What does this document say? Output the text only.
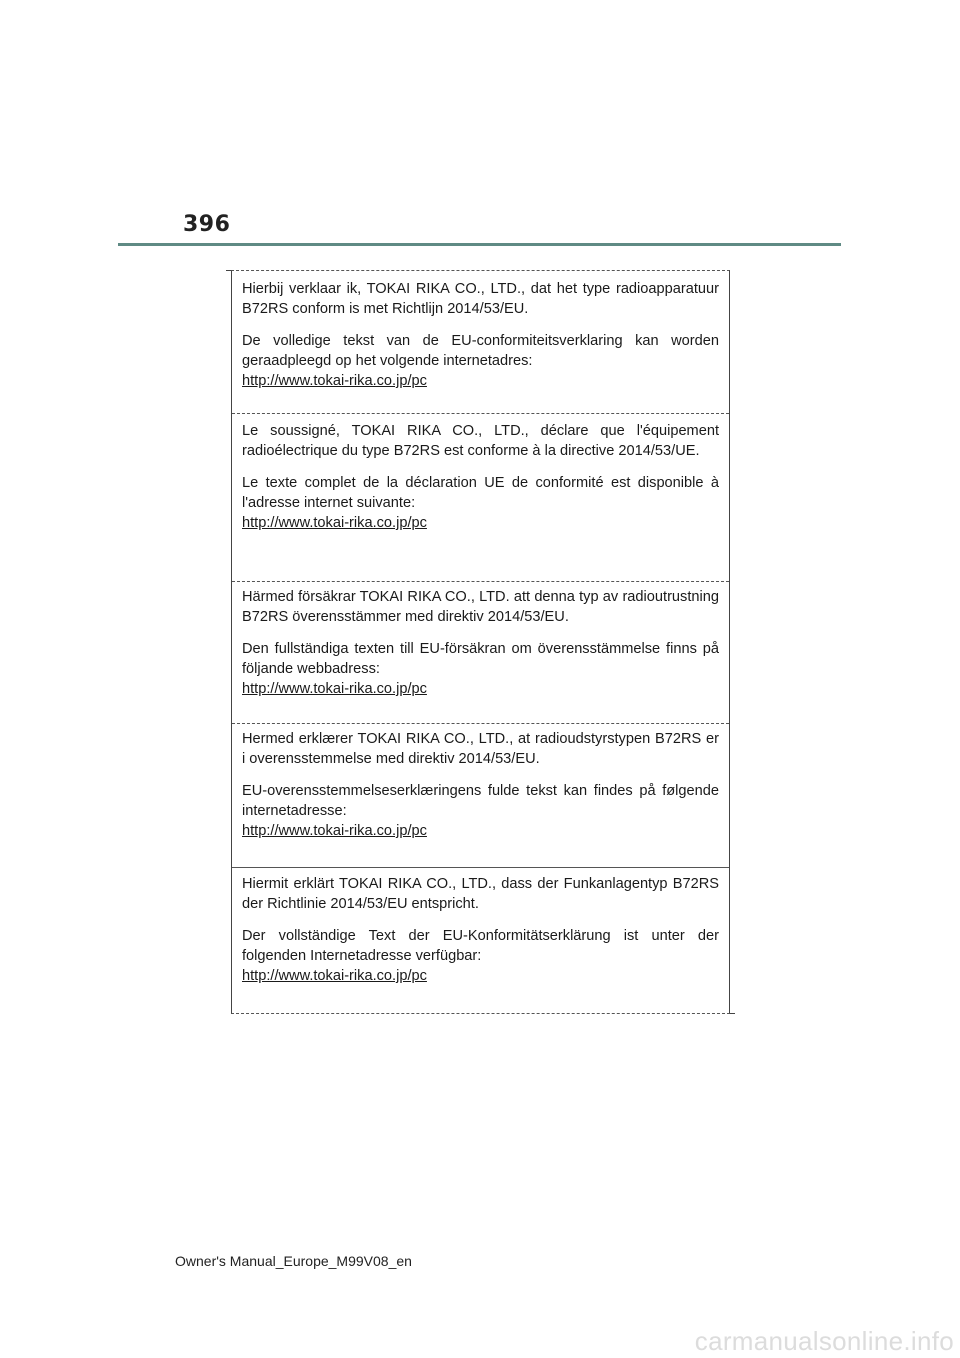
396

Hierbij verklaar ik, TOKAI RIKA CO., LTD., dat het type radioapparatuur B72RS conform is met Richtlijn 2014/53/EU.

De volledige tekst van de EU-conformiteitsverklaring kan worden geraadpleegd op het volgende internetadres:
http://www.tokai-rika.co.jp/pc

Le soussigné, TOKAI RIKA CO., LTD., déclare que l'équipement radioélectrique du type B72RS est conforme à la directive 2014/53/UE.

Le texte complet de la déclaration UE de conformité est disponible à l'adresse internet suivante:
http://www.tokai-rika.co.jp/pc

Härmed försäkrar TOKAI RIKA CO., LTD. att denna typ av radioutrustning B72RS överensstämmer med direktiv 2014/53/EU.

Den fullständiga texten till EU-försäkran om överensstämmelse finns på följande webbadress:
http://www.tokai-rika.co.jp/pc

Hermed erklærer TOKAI RIKA CO., LTD., at radioudstyrstypen B72RS er i overensstemmelse med direktiv 2014/53/EU.

EU-overensstemmelseserklæringens fulde tekst kan findes på følgende internetadresse:
http://www.tokai-rika.co.jp/pc

Hiermit erklärt TOKAI RIKA CO., LTD., dass der Funkanlagentyp B72RS der Richtlinie 2014/53/EU entspricht.

Der vollständige Text der EU-Konformitätserklärung ist unter der folgenden Internetadresse verfügbar:
http://www.tokai-rika.co.jp/pc

Owner's Manual_Europe_M99V08_en
carmanualsonline.info
